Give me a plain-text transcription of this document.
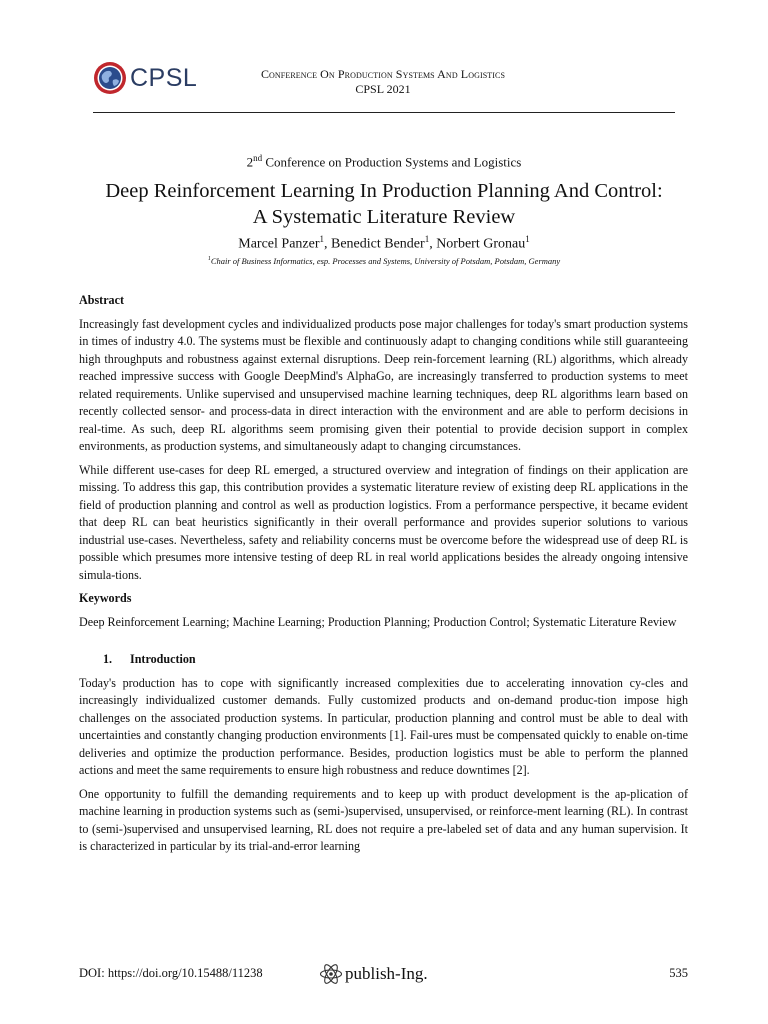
CPSL	Conference On Production Systems And Logistics
CPSL 2021
2nd Conference on Production Systems and Logistics
Deep Reinforcement Learning In Production Planning And Control:
A Systematic Literature Review
Marcel Panzer$^1$, Benedict Bender$^1$, Norbert Gronau$^1$
$^1$Chair of Business Informatics, esp. Processes and Systems, University of Potsdam, Potsdam, Germany
Abstract

Increasingly fast development cycles and individualized products pose major challenges for today's smart production systems in times of industry 4.0. The systems must be flexible and continuously adapt to changing conditions while still guaranteeing high throughputs and robustness against external disruptions. Deep rein-forcement learning (RL) algorithms, which already reached impressive success with Google DeepMind's AlphaGo, are increasingly transferred to production systems to meet related requirements. Unlike supervised and unsupervised machine learning techniques, deep RL algorithms learn based on recently collected sensor- and process-data in direct interaction with the environment and are able to perform decisions in real-time. As such, deep RL algorithms seem promising given their potential to provide decision support in complex environments, as production systems, and simultaneously adapt to changing circumstances.

While different use-cases for deep RL emerged, a structured overview and integration of findings on their application are missing. To address this gap, this contribution provides a systematic literature review of existing deep RL applications in the field of production planning and control as well as production logistics. From a performance perspective, it became evident that deep RL can beat heuristics significantly in their overall performance and provides superior solutions to various industrial use-cases. Nevertheless, safety and reliability concerns must be overcome before the widespread use of deep RL is possible which presumes more intensive testing of deep RL in real world applications besides the already ongoing intensive simula-tions.

Keywords

Deep Reinforcement Learning; Machine Learning; Production Planning; Production Control; Systematic Literature Review

1. Introduction

Today's production has to cope with significantly increased complexities due to accelerating innovation cy-cles and increasingly individualized customer demands. Fully customized products and on-demand produc-tion impose high challenges on the associated production systems. In particular, production planning and control must be able to deal with uncertainties and constantly changing production environments [1]. Fail-ures must be compensated quickly to enable on-time deliveries and optimize the production performance. Besides, production logistics must be able to perform the planned actions and meet the same requirements to ensure high robustness and reduce downtimes [2].

One opportunity to fulfill the demanding requirements and to keep up with product development is the ap-plication of machine learning in production systems such as (semi-)supervised, unsupervised, or reinforce-ment learning (RL). In contrast to (semi-)supervised and unsupervised learning, RL does not require a pre-labeled set of data and any human supervision. It is characterized in particular by its trial-and-error learning

DOI: https://doi.org/10.15488/11238	publish-Ing.	535
